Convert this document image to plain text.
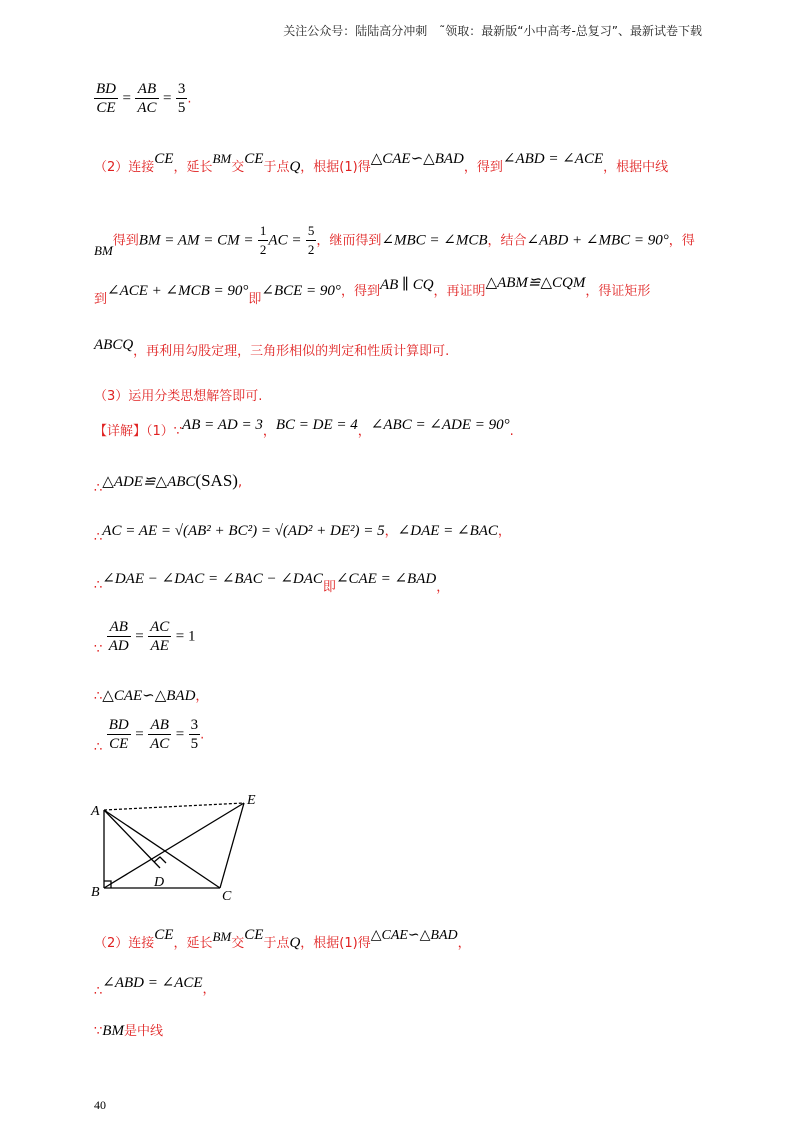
关注公众号：陆陆高分冲刺　˜领取：最新版“小中高考-总复习”、最新试卷下载
$\frac{BD}{CE} = \frac{AB}{AC} = \frac{3}{5}$ .
（2）连接CE，延长BM交CE于点Q，根据(1)得△CAE∽△BAD，得到∠ABD = ∠ACE，根据中线
BM得到BM = AM = CM = $\frac{1}{2}$ AC = $\frac{5}{2}$ ，继而得到∠MBC = ∠MCB，结合∠ABD + ∠MBC = 90°，得
到∠ACE + ∠MCB = 90°即∠BCE = 90°，得到AB ∥ CQ，再证明△ABM≌△CQM，得证矩形
ABCQ，再利用勾股定理，三角形相似的判定和性质计算即可.
（3）运用分类思想解答即可.
【详解】（1）∵AB = AD = 3，BC = DE = 4，∠ABC = ∠ADE = 90°.
∴△ADE≌△ABC(SAS),
∴AC = AE = √(AB² + BC²) = √(AD² + DE²) = 5，∠DAE = ∠BAC，
∴∠DAE − ∠DAC = ∠BAC − ∠DAC即∠CAE = ∠BAD，
∵ $\frac{AB}{AD} = \frac{AC}{AE} = 1$
∴△CAE∽△BAD，
∴ $\frac{BD}{CE} = \frac{AB}{AC} = \frac{3}{5}$ .
A
B	C
D
E
（2）连接CE，延长BM交CE于点Q，根据(1)得△CAE∽△BAD，
∴∠ABD = ∠ACE，
∵BM是中线
40
